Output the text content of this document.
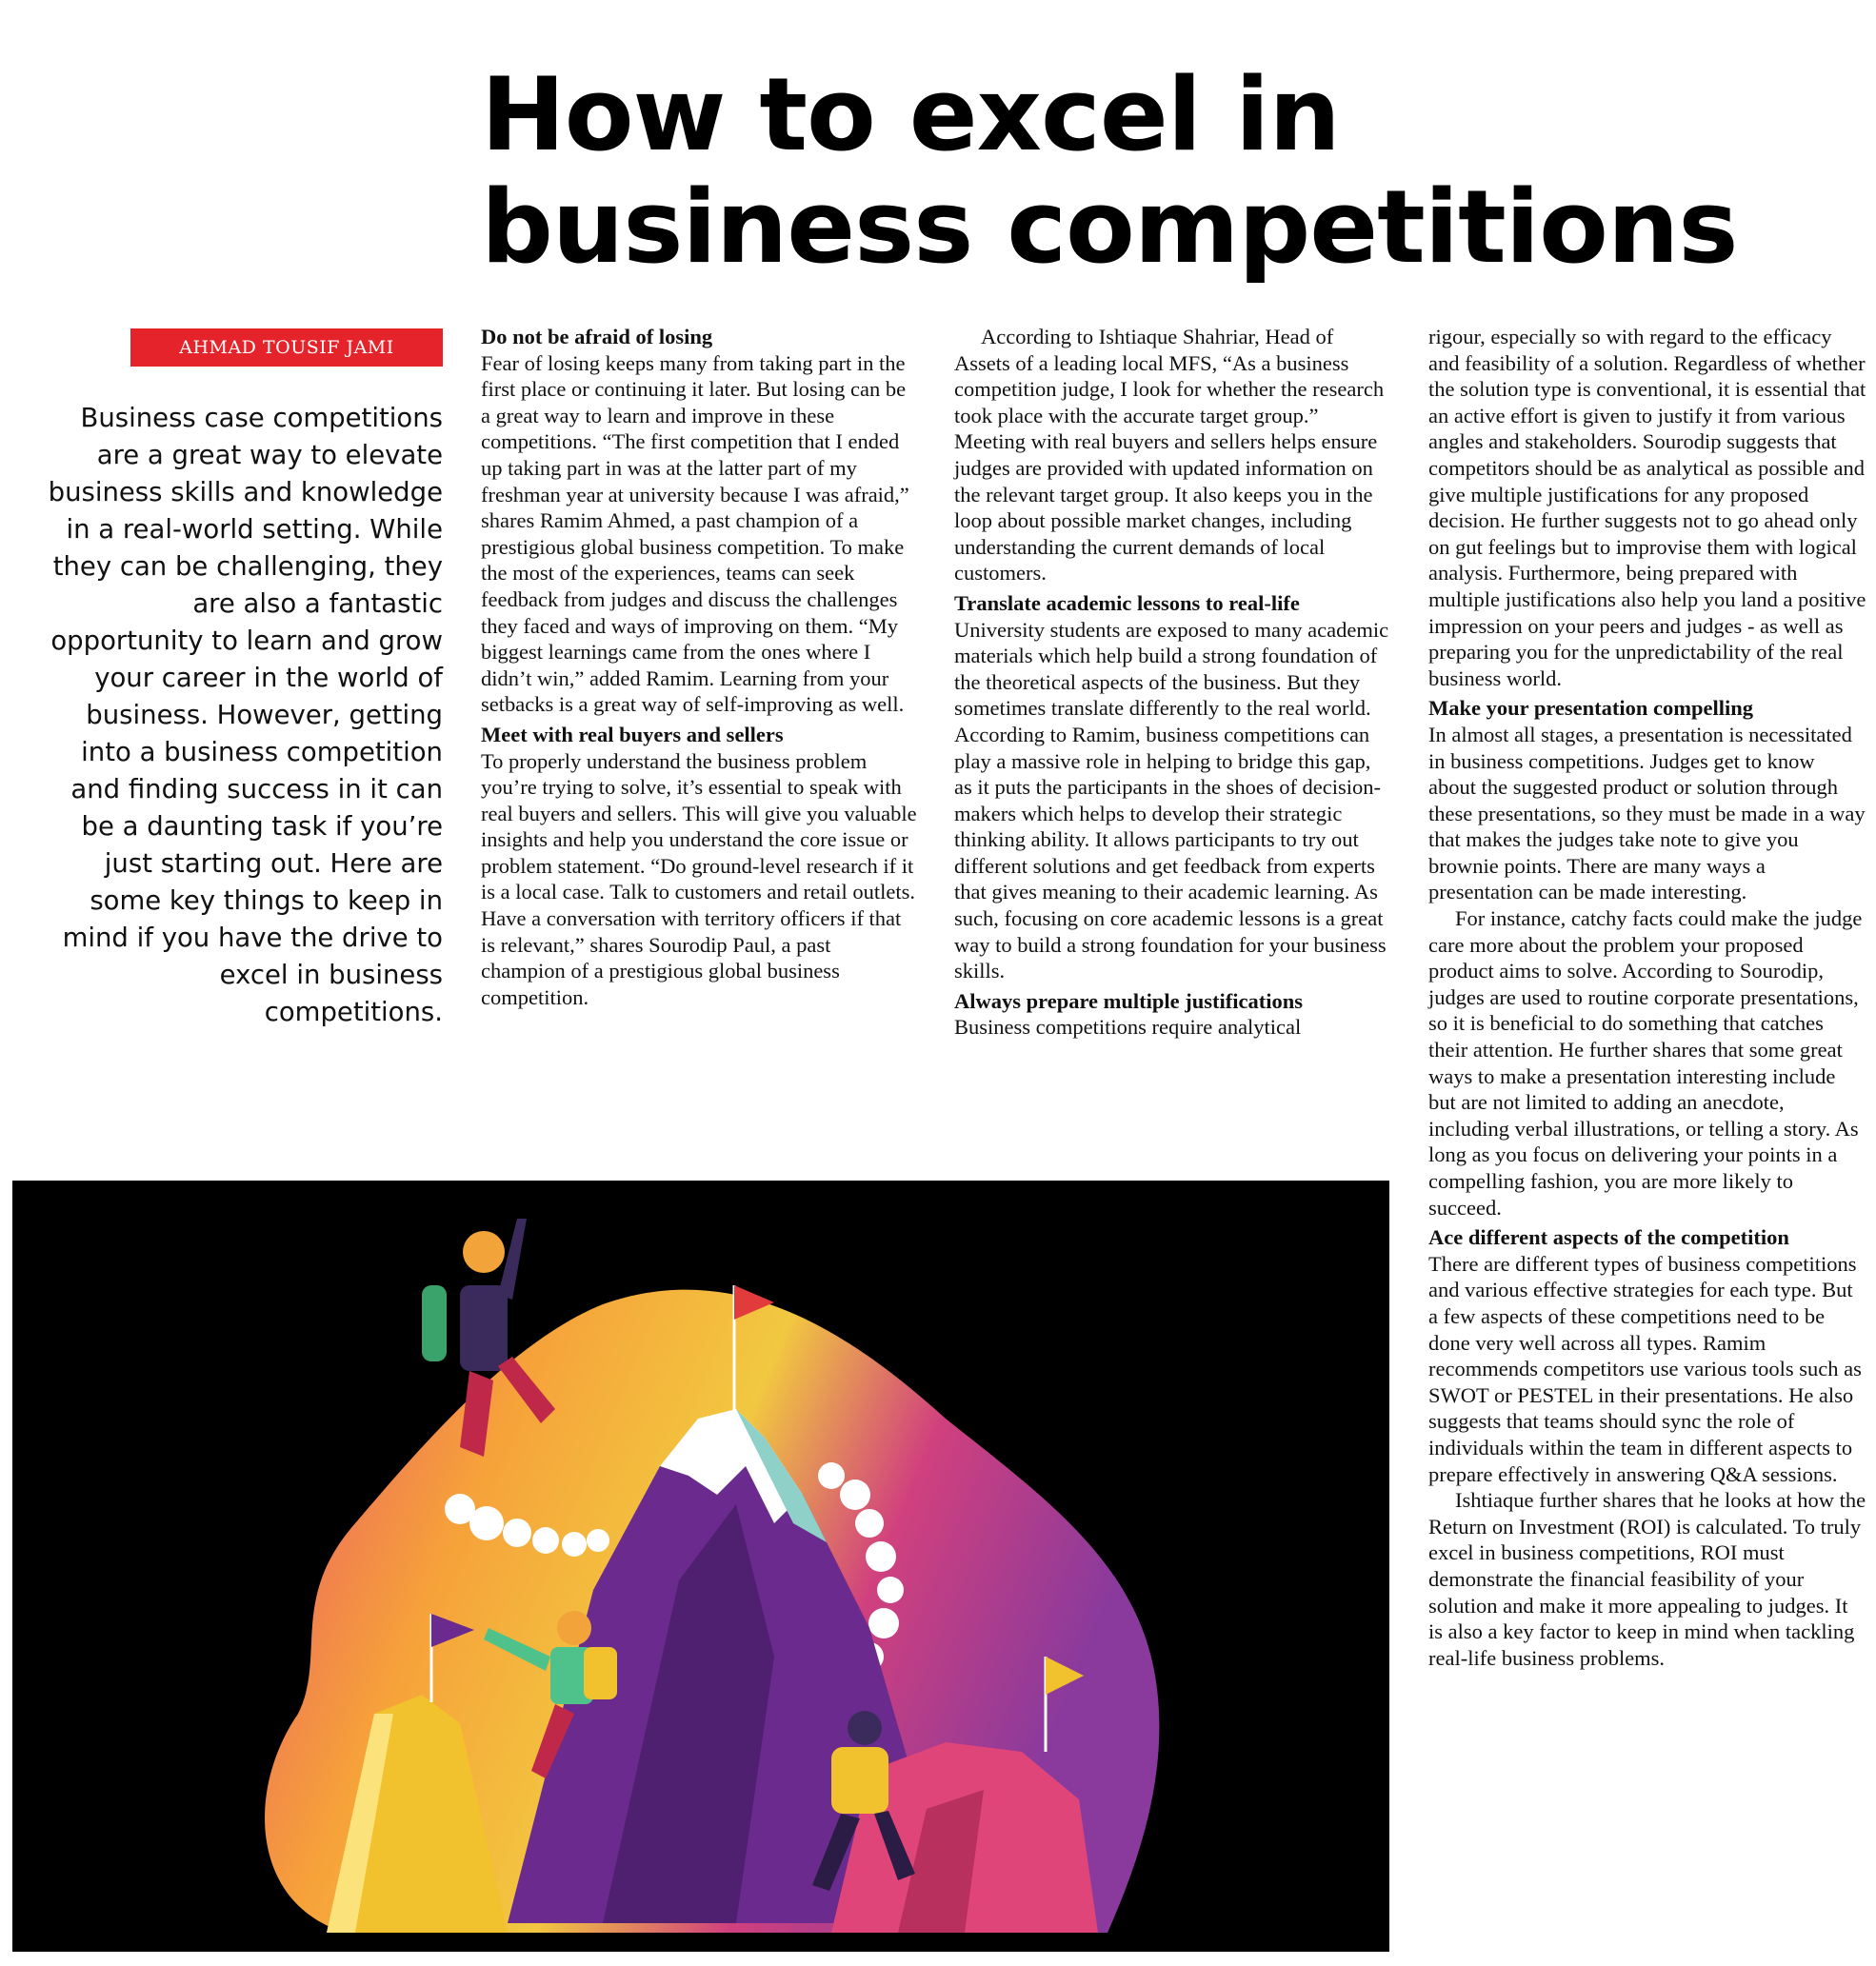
How to excel in business competitions
AHMAD TOUSIF JAMI

Business case competitions are a great way to elevate business skills and knowledge in a real-world setting. While they can be challenging, they are also a fantastic opportunity to learn and grow your career in the world of business. However, getting into a business competition and finding success in it can be a daunting task if you’re just starting out. Here are some key things to keep in mind if you have the drive to excel in business competitions.

Do not be afraid of losing

Fear of losing keeps many from taking part in the first place or continuing it later. But losing can be a great way to learn and improve in these competitions. “The first competition that I ended up taking part in was at the latter part of my freshman year at university because I was afraid,” shares Ramim Ahmed, a past champion of a prestigious global business competition. To make the most of the experiences, teams can seek feedback from judges and discuss the challenges they faced and ways of improving on them. “My biggest learnings came from the ones where I didn’t win,” added Ramim. Learning from your setbacks is a great way of self-improving as well.

Meet with real buyers and sellers

To properly understand the business problem you’re trying to solve, it’s essential to speak with real buyers and sellers. This will give you valuable insights and help you understand the core issue or problem statement. “Do ground-level research if it is a local case. Talk to customers and retail outlets. Have a conversation with territory officers if that is relevant,” shares Sourodip Paul, a past champion of a prestigious global business competition.

According to Ishtiaque Shahriar, Head of Assets of a leading local MFS, “As a business competition judge, I look for whether the research took place with the accurate target group.” Meeting with real buyers and sellers helps ensure judges are provided with updated information on the relevant target group. It also keeps you in the loop about possible market changes, including understanding the current demands of local customers.

Translate academic lessons to real-life

University students are exposed to many academic materials which help build a strong foundation of the theoretical aspects of the business. But they sometimes translate differently to the real world. According to Ramim, business competitions can play a massive role in helping to bridge this gap, as it puts the participants in the shoes of decision-makers which helps to develop their strategic thinking ability. It allows participants to try out different solutions and get feedback from experts that gives meaning to their academic learning. As such, focusing on core academic lessons is a great way to build a strong foundation for your business skills.

Always prepare multiple justifications

Business competitions require analytical

rigour, especially so with regard to the efficacy and feasibility of a solution. Regardless of whether the solution type is conventional, it is essential that an active effort is given to justify it from various angles and stakeholders. Sourodip suggests that competitors should be as analytical as possible and give multiple justifications for any proposed decision. He further suggests not to go ahead only on gut feelings but to improvise them with logical analysis. Furthermore, being prepared with multiple justifications also help you land a positive impression on your peers and judges - as well as preparing you for the unpredictability of the real business world.

Make your presentation compelling

In almost all stages, a presentation is necessitated in business competitions. Judges get to know about the suggested product or solution through these presentations, so they must be made in a way that makes the judges take note to give you brownie points. There are many ways a presentation can be made interesting.

For instance, catchy facts could make the judge care more about the problem your proposed product aims to solve. According to Sourodip, judges are used to routine corporate presentations, so it is beneficial to do something that catches their attention. He further shares that some great ways to make a presentation interesting include but are not limited to adding an anecdote, including verbal illustrations, or telling a story. As long as you focus on delivering your points in a compelling fashion, you are more likely to succeed.

Ace different aspects of the competition

There are different types of business competitions and various effective strategies for each type. But a few aspects of these competitions need to be done very well across all types. Ramim recommends competitors use various tools such as SWOT or PESTEL in their presentations. He also suggests that teams should sync the role of individuals within the team in different aspects to prepare effectively in answering Q&A sessions.

Ishtiaque further shares that he looks at how the Return on Investment (ROI) is calculated. To truly excel in business competitions, ROI must demonstrate the financial feasibility of your solution and make it more appealing to judges. It is also a key factor to keep in mind when tackling real-life business problems.
